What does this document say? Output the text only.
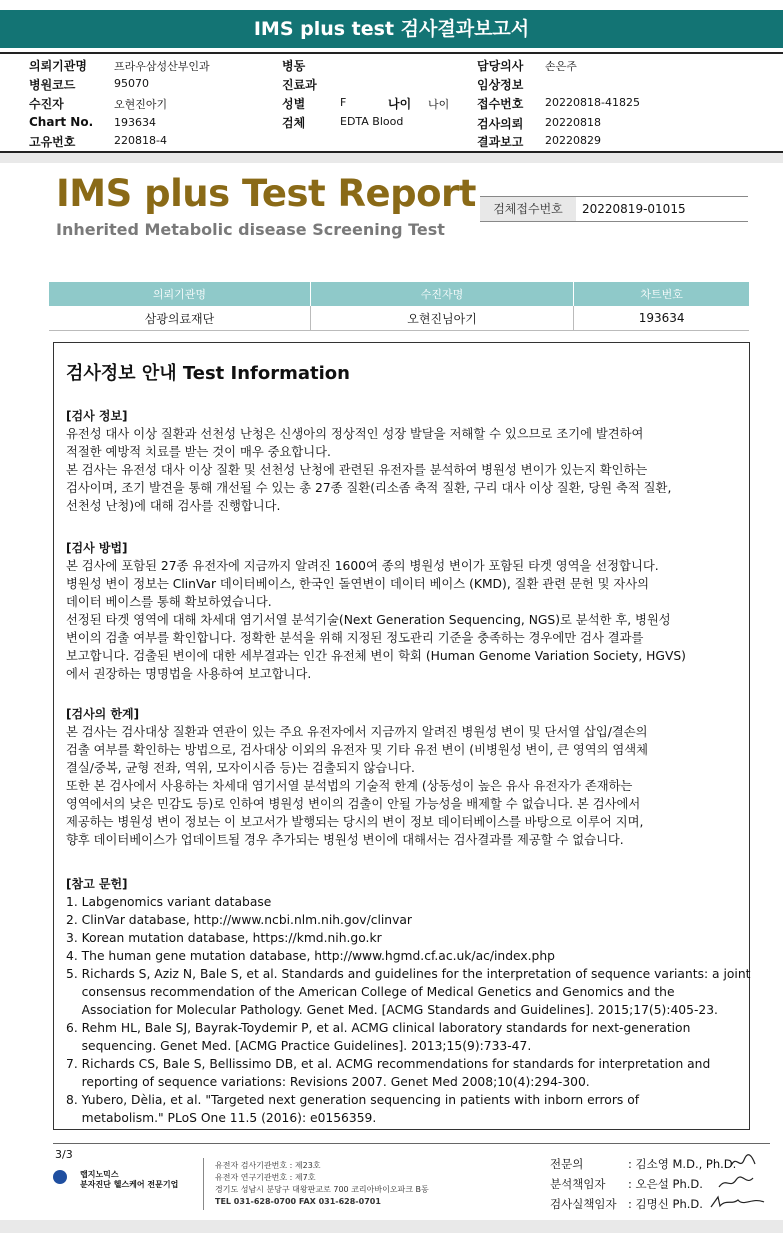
IMS plus test 검사결과보고서
의뢰기관명 프라우삼성산부인과
병원코드	95070
수진자	오현진아기
Chart No. 193634
고유번호	220818-4
병동
진료과
성별	F	나이 나이
검체	EDTA Blood
담당의사 손은주
임상정보
접수번호 20220818-41825
검사의뢰 20220818
결과보고 20220829
IMS plus Test Report
Inherited Metabolic disease Screening Test
검체접수번호	20220819-01015
의뢰기관명	수진자명	차트번호
삼광의료재단	오현진님아기	193634
검사정보 안내 Test Information
[검사 정보]
유전성 대사 이상 질환과 선천성 난청은 신생아의 정상적인 성장 발달을 저해할 수 있으므로 조기에 발견하여
적절한 예방적 치료를 받는 것이 매우 중요합니다.
본 검사는 유전성 대사 이상 질환 및 선천성 난청에 관련된 유전자를 분석하여 병원성 변이가 있는지 확인하는
검사이며, 조기 발견을 통해 개선될 수 있는 총 27종 질환(리소좀 축적 질환, 구리 대사 이상 질환, 당원 축적 질환,
선천성 난청)에 대해 검사를 진행합니다.
[검사 방법]
본 검사에 포함된 27종 유전자에 지금까지 알려진 1600여 종의 병원성 변이가 포함된 타겟 영역을 선정합니다.
병원성 변이 정보는 ClinVar 데이터베이스, 한국인 돌연변이 데이터 베이스 (KMD), 질환 관련 문헌 및 자사의
데이터 베이스를 통해 확보하였습니다.
선정된 타겟 영역에 대해 차세대 염기서열 분석기술(Next Generation Sequencing, NGS)로 분석한 후, 병원성
변이의 검출 여부를 확인합니다. 정확한 분석을 위해 지정된 정도관리 기준을 충족하는 경우에만 검사 결과를
보고합니다. 검출된 변이에 대한 세부결과는 인간 유전체 변이 학회 (Human Genome Variation Society, HGVS)
에서 권장하는 명명법을 사용하여 보고합니다.
[검사의 한계]
본 검사는 검사대상 질환과 연관이 있는 주요 유전자에서 지금까지 알려진 병원성 변이 및 단서열 삽입/결손의
검출 여부를 확인하는 방법으로, 검사대상 이외의 유전자 및 기타 유전 변이 (비병원성 변이, 큰 영역의 염색체
결실/중복, 균형 전좌, 역위, 모자이시즘 등)는 검출되지 않습니다.
또한 본 검사에서 사용하는 차세대 염기서열 분석법의 기술적 한계 (상동성이 높은 유사 유전자가 존재하는
영역에서의 낮은 민감도 등)로 인하여 병원성 변이의 검출이 안될 가능성을 배제할 수 없습니다. 본 검사에서
제공하는 병원성 변이 정보는 이 보고서가 발행되는 당시의 변이 정보 데이터베이스를 바탕으로 이루어 지며,
향후 데이터베이스가 업데이트될 경우 추가되는 병원성 변이에 대해서는 검사결과를 제공할 수 없습니다.
[참고 문헌]
1. Labgenomics variant database
2. ClinVar database, http://www.ncbi.nlm.nih.gov/clinvar
3. Korean mutation database, https://kmd.nih.go.kr
4. The human gene mutation database, http://www.hgmd.cf.ac.uk/ac/index.php
5. Richards S, Aziz N, Bale S, et al. Standards and guidelines for the interpretation of sequence variants: a joint
consensus recommendation of the American College of Medical Genetics and Genomics and the
Association for Molecular Pathology. Genet Med. [ACMG Standards and Guidelines]. 2015;17(5):405-23.
6. Rehm HL, Bale SJ, Bayrak-Toydemir P, et al. ACMG clinical laboratory standards for next-generation
sequencing. Genet Med. [ACMG Practice Guidelines]. 2013;15(9):733-47.
7. Richards CS, Bale S, Bellissimo DB, et al. ACMG recommendations for standards for interpretation and
reporting of sequence variations: Revisions 2007. Genet Med 2008;10(4):294-300.
8. Yubero, Dèlia, et al. "Targeted next generation sequencing in patients with inborn errors of
metabolism." PLoS One 11.5 (2016): e0156359.
3/3
랩지노믹스
분자진단 헬스케어 전문기업
유전자 검사기관번호 : 제23호
유전자 연구기관번호 : 제7호
경기도 성남시 분당구 대왕판교로 700 코리아바이오파크 B동
TEL 031-628-0700 FAX 031-628-0701
전문의	: 김소영 M.D., Ph.D.
분석책임자 : 오은설 Ph.D.
검사실책임자 : 김명신 Ph.D.
